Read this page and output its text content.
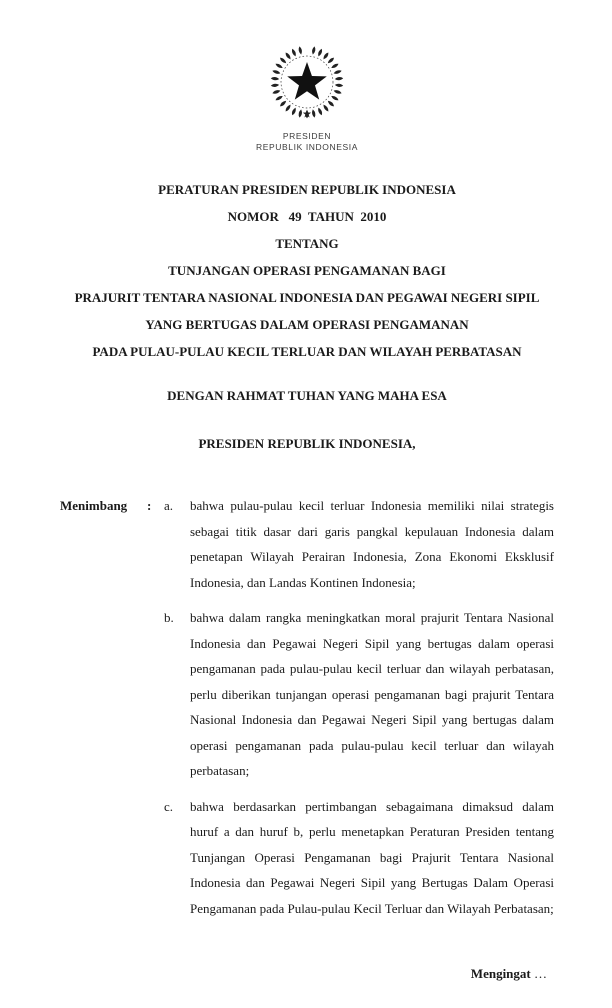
PRESIDEN
REPUBLIK INDONESIA

PERATURAN PRESIDEN REPUBLIK INDONESIA

NOMOR   49  TAHUN  2010

TENTANG

TUNJANGAN OPERASI PENGAMANAN BAGI

PRAJURIT TENTARA NASIONAL INDONESIA DAN PEGAWAI NEGERI SIPIL

YANG BERTUGAS DALAM OPERASI PENGAMANAN

PADA PULAU-PULAU KECIL TERLUAR DAN WILAYAH PERBATASAN

DENGAN RAHMAT TUHAN YANG MAHA ESA

PRESIDEN REPUBLIK INDONESIA,

Menimbang	: a.	bahwa pulau-pulau kecil terluar Indonesia memiliki nilai strategis sebagai titik dasar dari garis pangkal kepulauan Indonesia dalam penetapan Wilayah Perairan Indonesia, Zona Ekonomi Eksklusif Indonesia, dan Landas Kontinen Indonesia;
b.	bahwa dalam rangka meningkatkan moral prajurit Tentara Nasional Indonesia dan Pegawai Negeri Sipil yang bertugas dalam operasi pengamanan pada pulau-pulau kecil terluar dan wilayah perbatasan, perlu diberikan tunjangan operasi pengamanan bagi prajurit Tentara Nasional Indonesia dan Pegawai Negeri Sipil yang bertugas dalam operasi pengamanan pada pulau-pulau kecil terluar dan wilayah perbatasan;
c.	bahwa berdasarkan pertimbangan sebagaimana dimaksud dalam huruf a dan huruf b, perlu menetapkan Peraturan Presiden tentang Tunjangan Operasi Pengamanan bagi Prajurit Tentara Nasional Indonesia dan Pegawai Negeri Sipil yang Bertugas Dalam Operasi Pengamanan pada Pulau-pulau Kecil Terluar dan Wilayah Perbatasan;

Mengingat …
